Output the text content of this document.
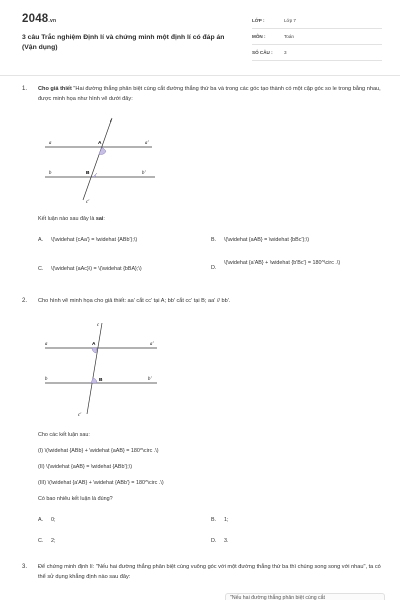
2048.vn
3 câu Trắc nghiệm Định lí và chứng minh một định lí có đáp án (Vận dụng)
LỚP :	Lớp 7
MÔN :	Toán
SỐ CÂU : 3
1. Cho giả thiết "Hai đường thẳng phân biệt cùng cắt đường thẳng thứ ba và trong các góc tạo thành có một cặp góc so le trong bằng nhau, được minh họa như hình vẽ dưới đây:
a	a'
b	b'
c
c'
A
B
Kết luận nào sau đây là sai:
A. \(\widehat {cAa'} = \widehat {ABb'};\)	B. \(\widehat {aAB} = \widehat {bBc'};\)
C. \(\widehat {aAc}\) = \(\widehat {bBA};\)	D.
\(\widehat {a'AB} + \widehat {b'Bc'} = 180^\circ .\)
2. Cho hình vẽ minh họa cho giả thiết: aa' cắt cc' tại A; bb' cắt cc' tại B; aa' // bb'.
a	a'
b	b'
c
c'
A
B
Cho các kết luận sau:
(I) \(\widehat {ABb} + \widehat {aAB} = 180^\circ .\)
(II) \(\widehat {aAB} = \widehat {ABb'};\)
(III) \(\widehat {a'AB} + \widehat {ABb'} = 180^\circ .\)
Có bao nhiêu kết luận là đúng?
A. 0;	B. 1;
C. 2;	D. 3.
3. Để chứng minh định lí: "Nếu hai đường thẳng phân biệt cùng vuông góc với một đường thẳng thứ ba thì chúng song song với nhau", ta có thể sử dụng khẳng định nào sau đây:
"Nếu hai đường thẳng phân biệt cùng cắt
